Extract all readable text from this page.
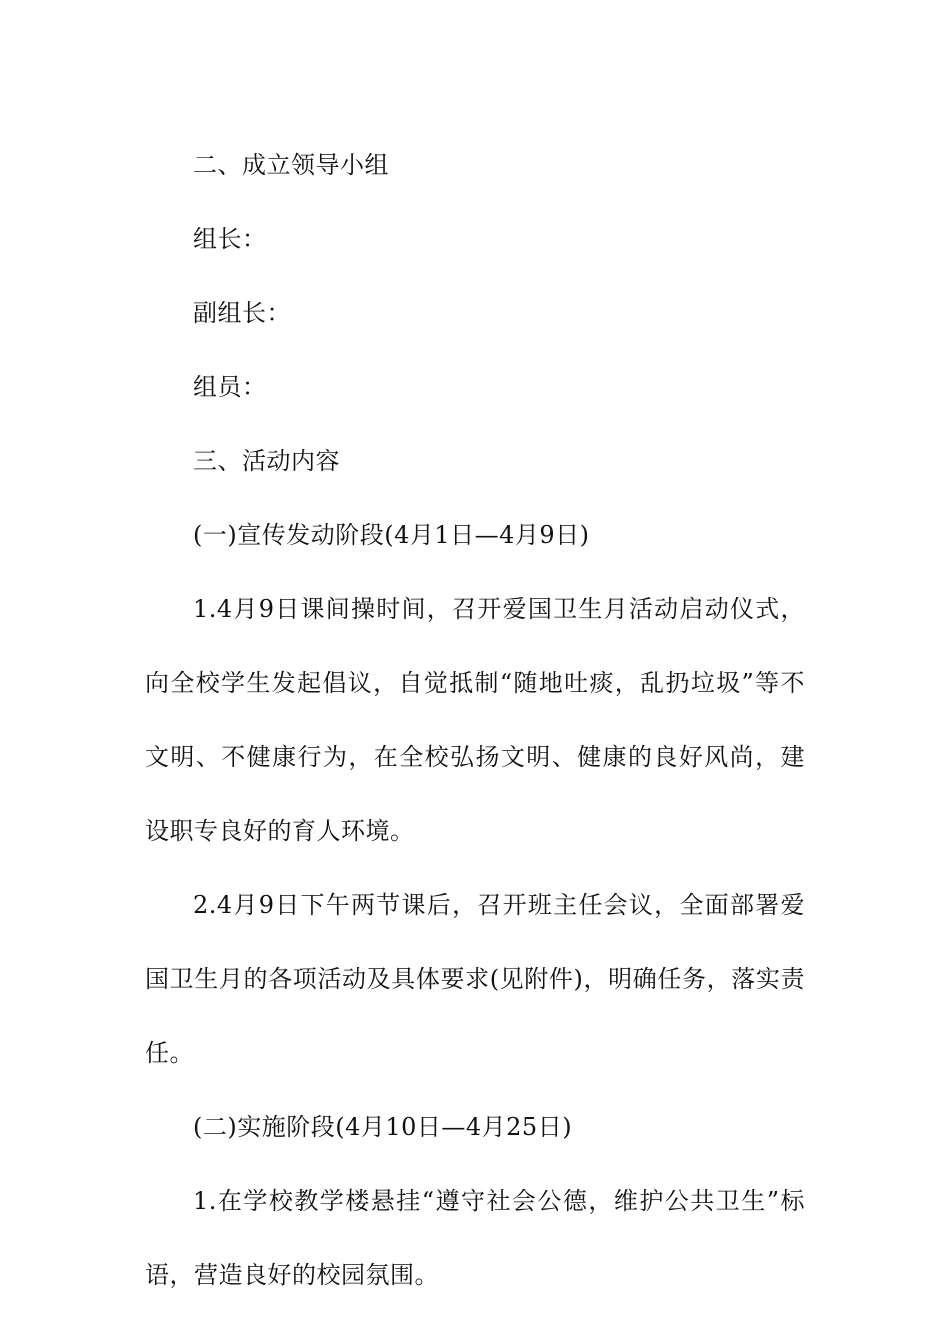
二、成立领导小组

组长：

副组长：

组员：

三、活动内容

(一)宣传发动阶段(4月1日—4月9日)

1.4月9日课间操时间，召开爱国卫生月活动启动仪式，向全校学生发起倡议，自觉抵制“随地吐痰，乱扔垃圾”等不文明、不健康行为，在全校弘扬文明、健康的良好风尚，建设职专良好的育人环境。

2.4月9日下午两节课后，召开班主任会议，全面部署爱国卫生月的各项活动及具体要求(见附件)，明确任务，落实责任。

(二)实施阶段(4月10日—4月25日)

1.在学校教学楼悬挂“遵守社会公德，维护公共卫生”标语，营造良好的校园氛围。
